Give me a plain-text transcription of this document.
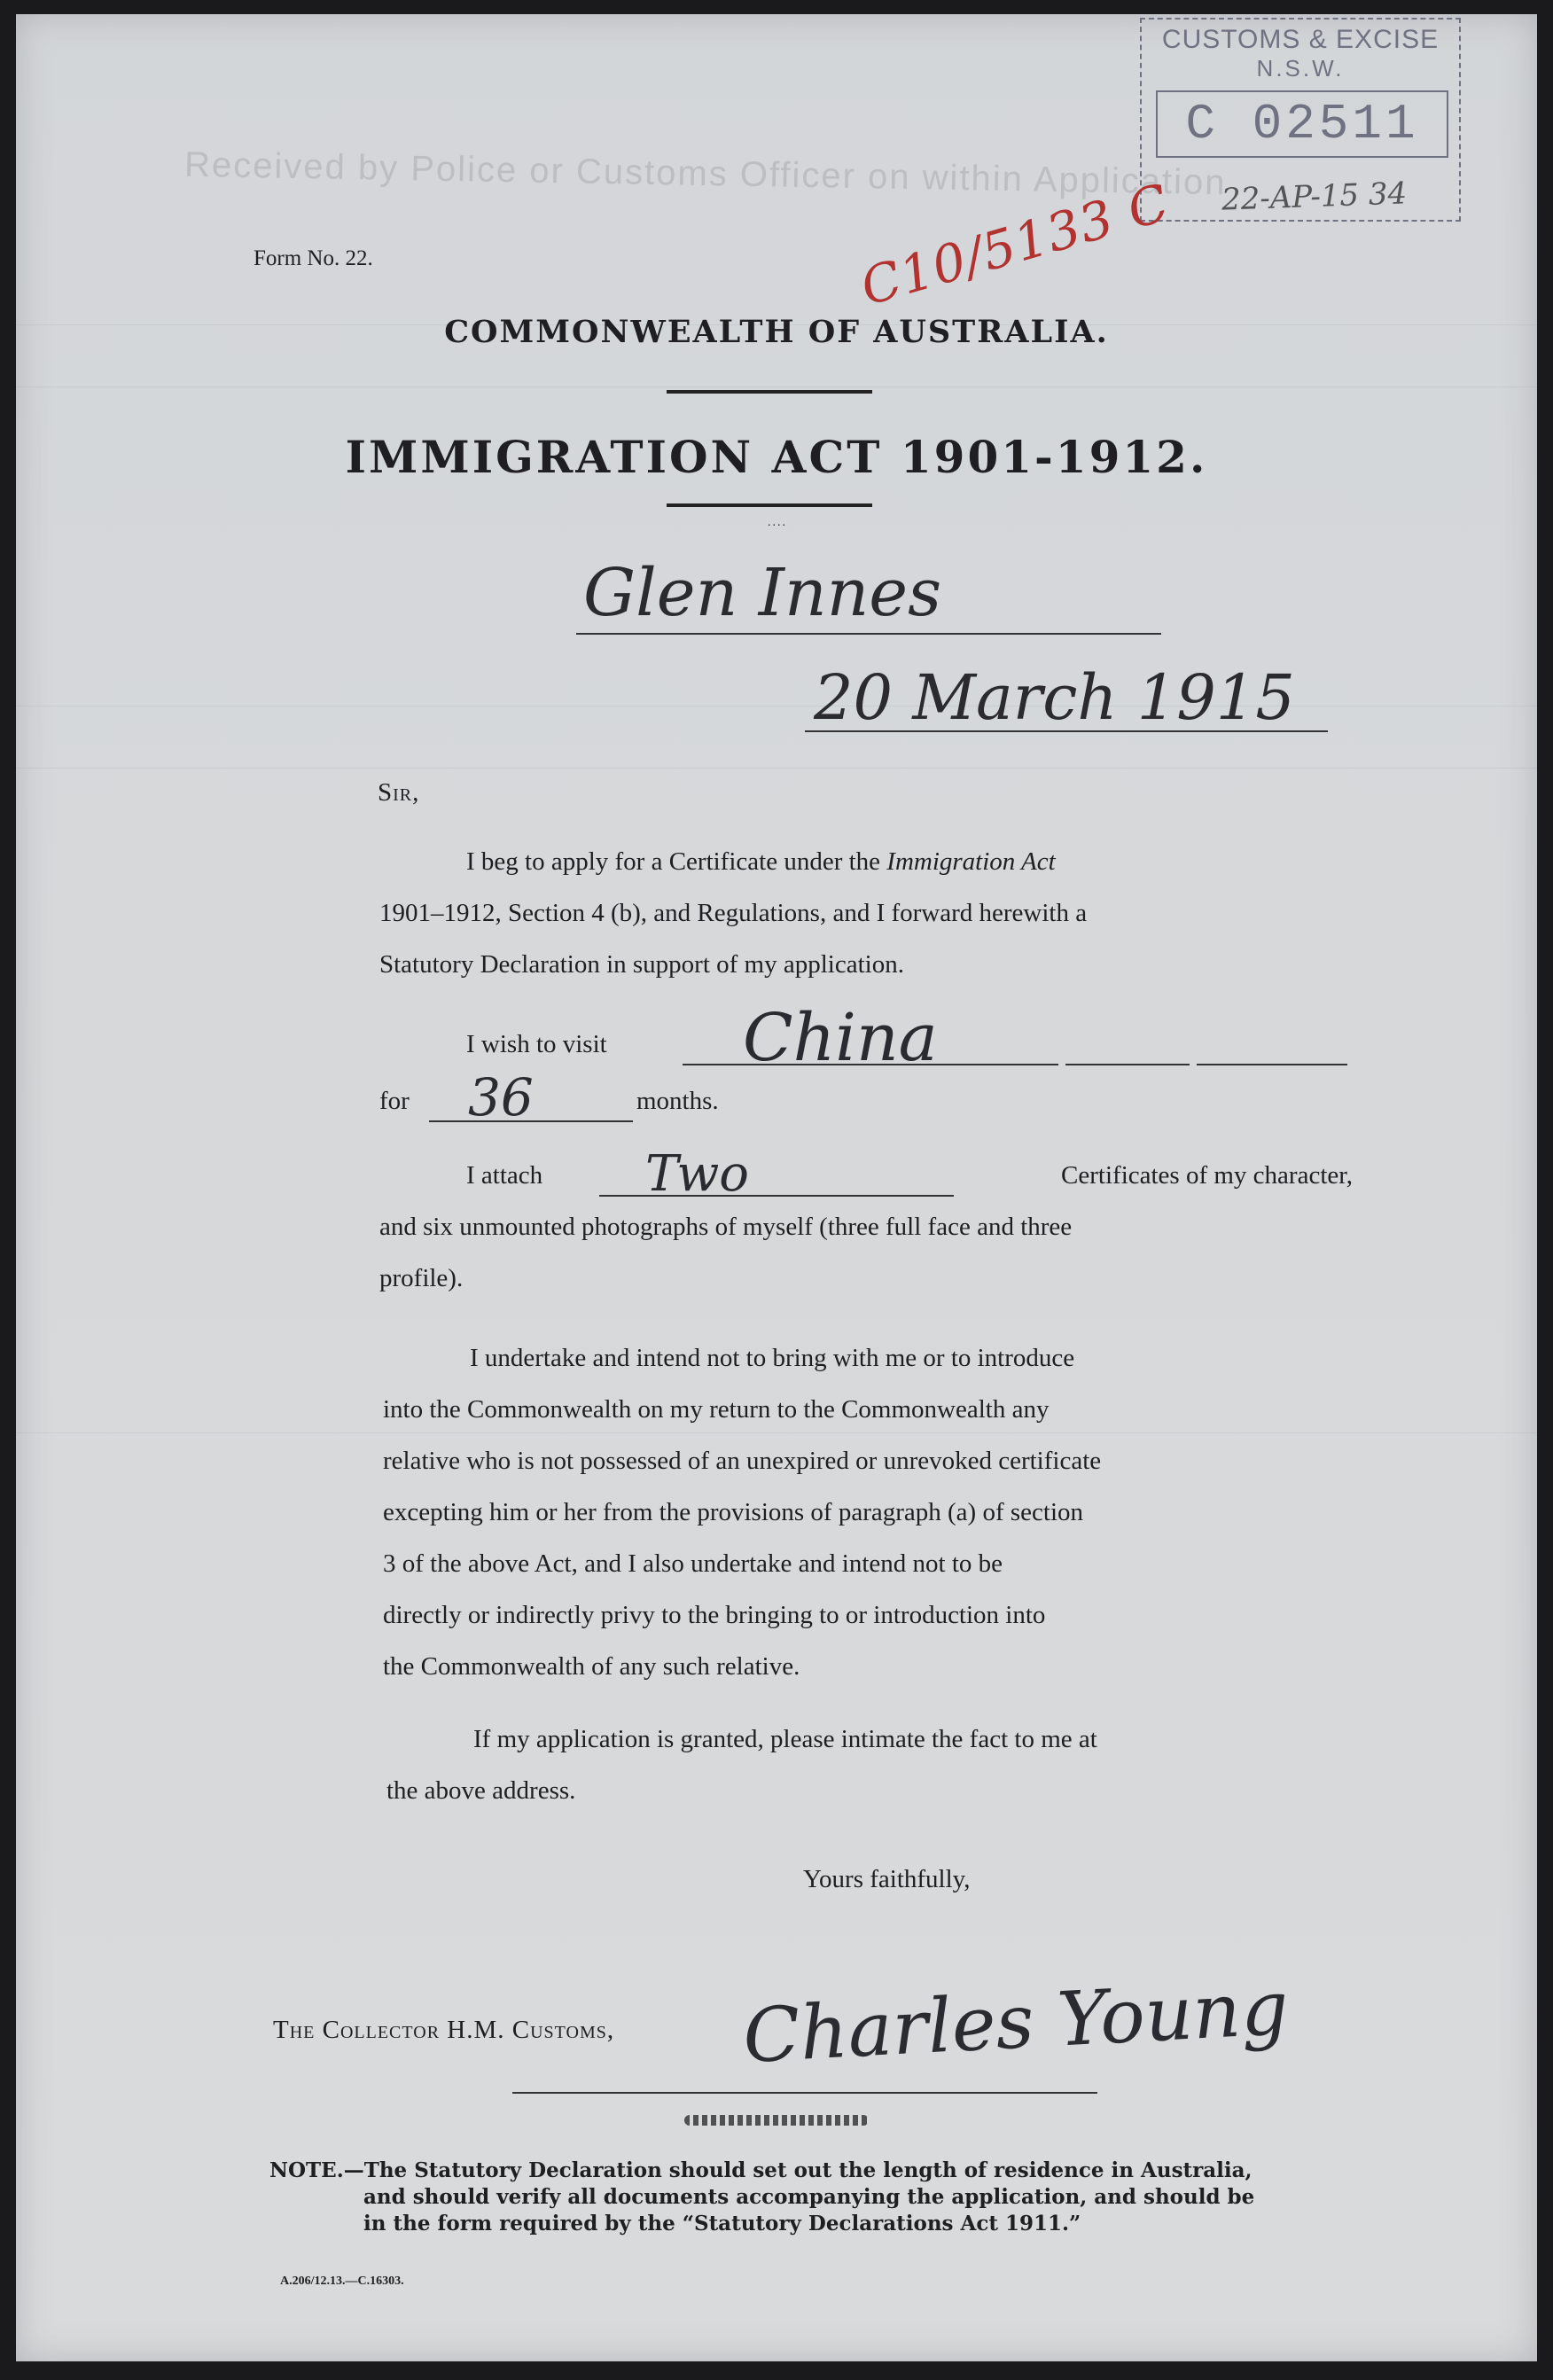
Received by Police or Customs Officer on within Application
CUSTOMS & EXCISE
N.S.W.
C 02511
22-AP-15 34
C10/5133 C
Form No. 22.
COMMONWEALTH OF AUSTRALIA.
IMMIGRATION ACT 1901-1912.
....
Glen Innes
20 March 1915
Sir,
I beg to apply for a Certificate under the Immigration Act
1901–1912, Section 4 (b), and Regulations, and I forward herewith a
Statutory Declaration in support of my application.
I wish to visit	China
for	36	months.
I attach	Two	Certificates of my character,
and six unmounted photographs of myself (three full face and three
profile).
I undertake and intend not to bring with me or to introduce
into the Commonwealth on my return to the Commonwealth any
relative who is not possessed of an unexpired or unrevoked certificate
excepting him or her from the provisions of paragraph (a) of section
3 of the above Act, and I also undertake and intend not to be
directly or indirectly privy to the bringing to or introduction into
the Commonwealth of any such relative.
If my application is granted, please intimate the fact to me at
the above address.
Yours faithfully,
The Collector H.M. Customs,	Charles Young
NOTE.—The Statutory Declaration should set out the length of residence in Australia,
and should verify all documents accompanying the application, and should be
in the form required by the “Statutory Declarations Act 1911.”
A.206/12.13.—C.16303.
